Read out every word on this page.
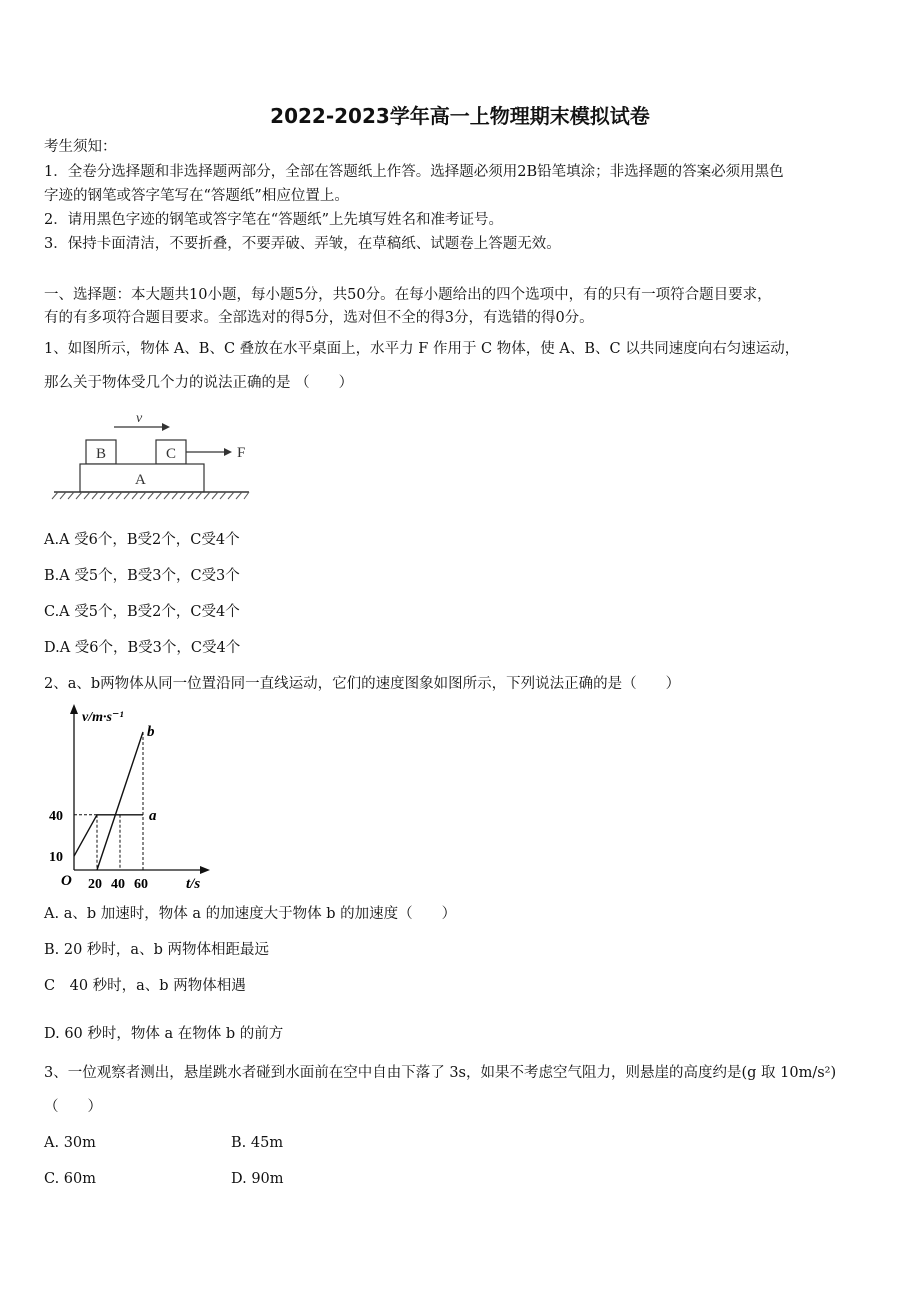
2022-2023学年高一上物理期末模拟试卷
考生须知：
1．全卷分选择题和非选择题两部分，全部在答题纸上作答。选择题必须用2B铅笔填涂；非选择题的答案必须用黑色
字迹的钢笔或答字笔写在“答题纸”相应位置上。
2．请用黑色字迹的钢笔或答字笔在“答题纸”上先填写姓名和准考证号。
3．保持卡面清洁，不要折叠，不要弄破、弄皱，在草稿纸、试题卷上答题无效。
一、选择题：本大题共10小题，每小题5分，共50分。在每小题给出的四个选项中，有的只有一项符合题目要求，
有的有多项符合题目要求。全部选对的得5分，选对但不全的得3分，有选错的得0分。
1、如图所示，物体 A、B、C 叠放在水平桌面上，水平力 F 作用于 C 物体，使 A、B、C 以共同速度向右匀速运动，
那么关于物体受几个力的说法正确的是 （　　）
v
B	C	F
A
A.A 受6个，B受2个，C受4个
B.A 受5个，B受3个，C受3个
C.A 受5个，B受2个，C受4个
D.A 受6个，B受3个，C受4个
2、a、b两物体从同一位置沿同一直线运动，它们的速度图象如图所示，下列说法正确的是（　　）
v/m·s⁻¹
t/s
O
a
b
20 40 60
10
40
A. a、b 加速时，物体 a 的加速度大于物体 b 的加速度（　　）
B. 20 秒时，a、b 两物体相距最远
C　40 秒时，a、b 两物体相遇
D. 60 秒时，物体 a 在物体 b 的前方
3、一位观察者测出，悬崖跳水者碰到水面前在空中自由下落了 3s，如果不考虑空气阻力，则悬崖的高度约是(g 取 10m/s²)
（　　）
A. 30m	B. 45m
C. 60m	D. 90m
